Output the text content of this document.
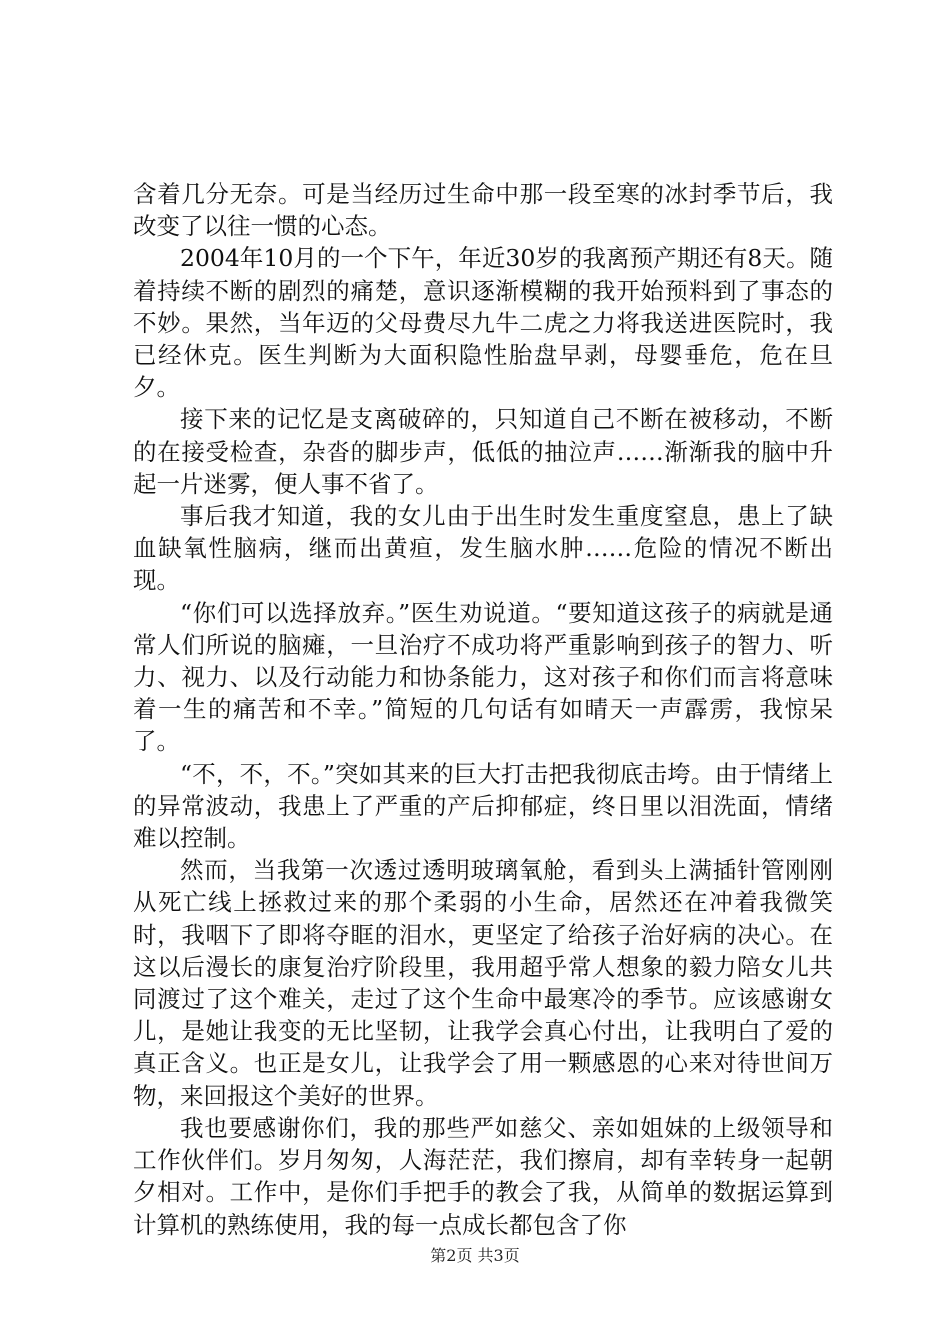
含着几分无奈。可是当经历过生命中那一段至寒的冰封季节后，我改变了以往一惯的心态。

2004年10月的一个下午，年近30岁的我离预产期还有8天。随着持续不断的剧烈的痛楚，意识逐渐模糊的我开始预料到了事态的不妙。果然，当年迈的父母费尽九牛二虎之力将我送进医院时，我已经休克。医生判断为大面积隐性胎盘早剥，母婴垂危，危在旦夕。

接下来的记忆是支离破碎的，只知道自己不断在被移动，不断的在接受检查，杂沓的脚步声，低低的抽泣声……渐渐我的脑中升起一片迷雾，便人事不省了。

事后我才知道，我的女儿由于出生时发生重度窒息，患上了缺血缺氧性脑病，继而出黄疸，发生脑水肿……危险的情况不断出现。

“你们可以选择放弃。”医生劝说道。“要知道这孩子的病就是通常人们所说的脑瘫，一旦治疗不成功将严重影响到孩子的智力、听力、视力、以及行动能力和协条能力，这对孩子和你们而言将意味着一生的痛苦和不幸。”简短的几句话有如晴天一声霹雳，我惊呆了。

“不，不，不。”突如其来的巨大打击把我彻底击垮。由于情绪上的异常波动，我患上了严重的产后抑郁症，终日里以泪洗面，情绪难以控制。

然而，当我第一次透过透明玻璃氧舱，看到头上满插针管刚刚从死亡线上拯救过来的那个柔弱的小生命，居然还在冲着我微笑时，我咽下了即将夺眶的泪水，更坚定了给孩子治好病的决心。在这以后漫长的康复治疗阶段里，我用超乎常人想象的毅力陪女儿共同渡过了这个难关，走过了这个生命中最寒冷的季节。应该感谢女儿，是她让我变的无比坚韧，让我学会真心付出，让我明白了爱的真正含义。也正是女儿，让我学会了用一颗感恩的心来对待世间万物，来回报这个美好的世界。

我也要感谢你们，我的那些严如慈父、亲如姐妹的上级领导和工作伙伴们。岁月匆匆，人海茫茫，我们擦肩，却有幸转身一起朝夕相对。工作中，是你们手把手的教会了我，从简单的数据运算到计算机的熟练使用，我的每一点成长都包含了你

第2页 共3页
